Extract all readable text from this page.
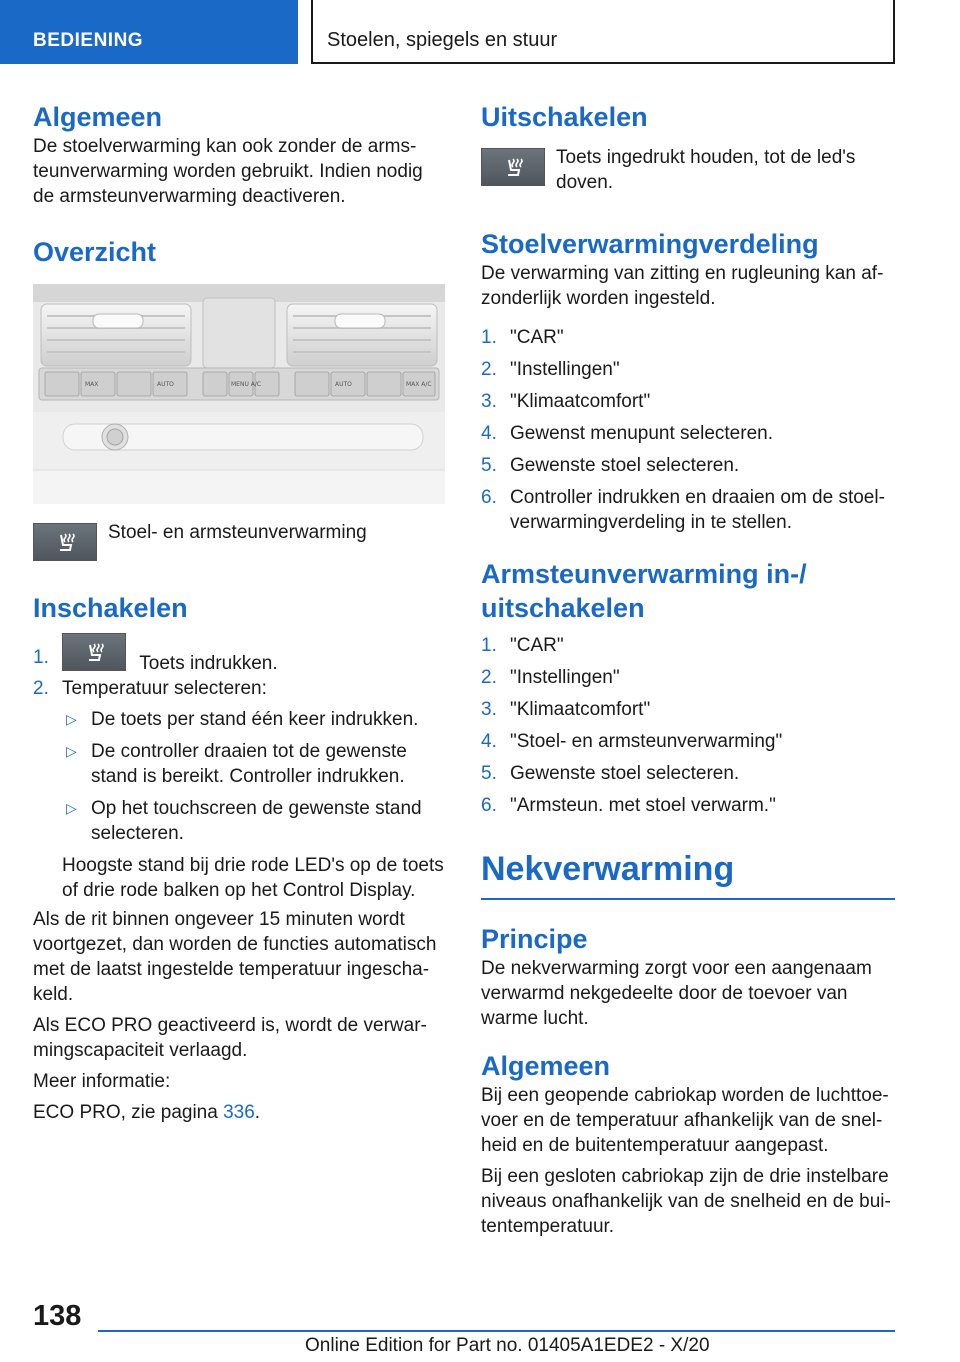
BEDIENING	Stoelen, spiegels en stuur
Algemeen

De stoelverwarming kan ook zonder de armsteunverwarming worden gebruikt. Indien nodig de armsteunverwarming deactiveren.

Overzicht
MAX	AUTO	MENU A/C	AUTO	MAX A/C

Stoel- en armsteunverwarming

Inschakelen
1.	Toets indrukken.
2. Temperatuur selecteren:
▷ De toets per stand één keer indrukken.
▷ De controller draaien tot de gewenste stand is bereikt. Controller indrukken.
▷ Op het touchscreen de gewenste stand selecteren.

Hoogste stand bij drie rode LED's op de toets of drie rode balken op het Control Display.

Als de rit binnen ongeveer 15 minuten wordt voortgezet, dan worden de functies automatisch met de laatst ingestelde temperatuur ingeschakeld.

Als ECO PRO geactiveerd is, wordt de verwarmingscapaciteit verlaagd.

Meer informatie:

ECO PRO, zie pagina 336.

Uitschakelen

Toets ingedrukt houden, tot de led's doven.

Stoelverwarmingverdeling

De verwarming van zitting en rugleuning kan afzonderlijk worden ingesteld.

1. "CAR"
2. "Instellingen"
3. "Klimaatcomfort"
4. Gewenst menupunt selecteren.
5. Gewenste stoel selecteren.
6. Controller indrukken en draaien om de stoelverwarmingverdeling in te stellen.
Armsteunverwarming in-/ uitschakelen
1. "CAR"
2. "Instellingen"
3. "Klimaatcomfort"
4. "Stoel- en armsteunverwarming"
5. Gewenste stoel selecteren.
6. "Armsteun. met stoel verwarm."
Nekverwarming
Principe

De nekverwarming zorgt voor een aangenaam verwarmd nekgedeelte door de toevoer van warme lucht.

Algemeen

Bij een geopende cabriokap worden de luchttoevoer en de temperatuur afhankelijk van de snelheid en de buitentemperatuur aangepast.

Bij een gesloten cabriokap zijn de drie instelbare niveaus onafhankelijk van de snelheid en de buitentemperatuur.

138
Online Edition for Part no. 01405A1EDE2 - X/20
